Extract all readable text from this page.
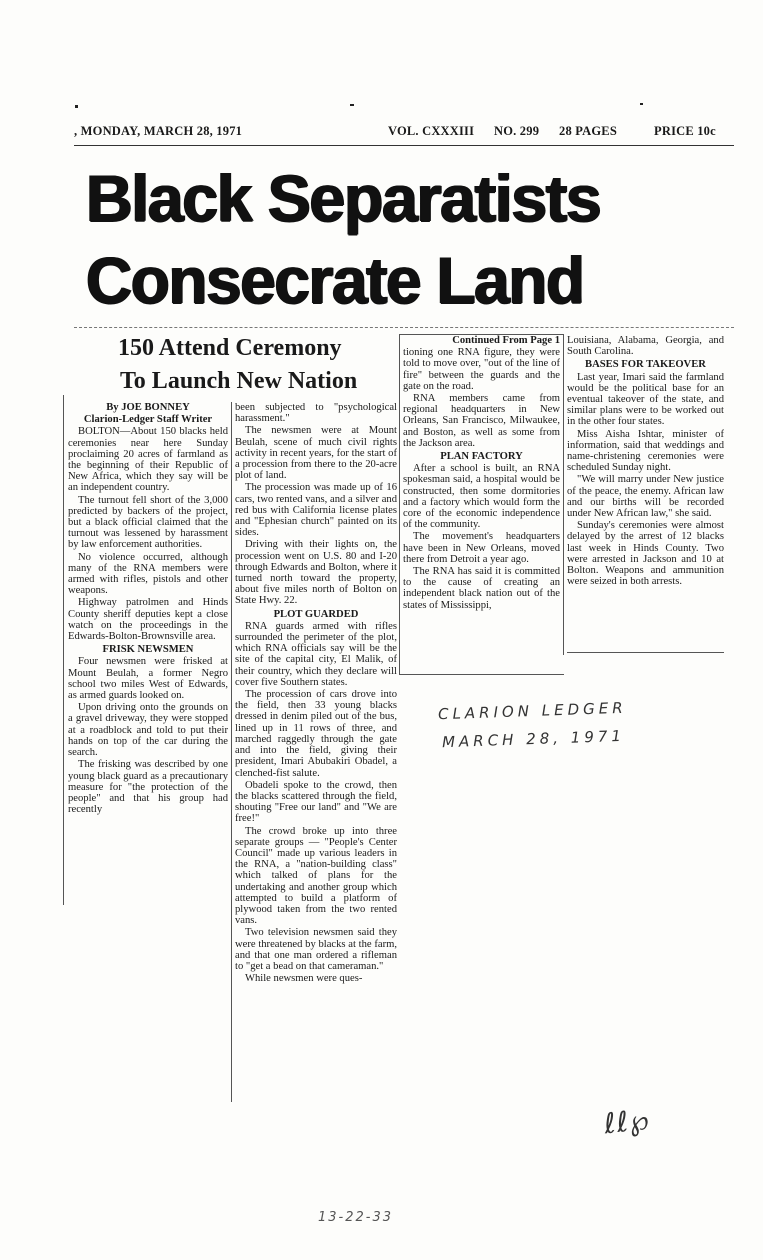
, MONDAY, MARCH 28, 1971	VOL. CXXXIII NO. 299 28 PAGES	PRICE 10c
Black Separatists
Consecrate Land
150 Attend Ceremony
To Launch New Nation

By JOE BONNEY

Clarion-Ledger Staff Writer

BOLTON—About 150 blacks held ceremonies near here Sunday proclaiming 20 acres of farmland as the beginning of their Republic of New Africa, which they say will be an independent country.

The turnout fell short of the 3,000 predicted by backers of the project, but a black official claimed that the turnout was lessened by harassment by law enforcement authorities.

No violence occurred, although many of the RNA members were armed with rifles, pistols and other weapons.

Highway patrolmen and Hinds County sheriff deputies kept a close watch on the proceedings in the Edwards-Bolton-Brownsville area.

FRISK NEWSMEN

Four newsmen were frisked at Mount Beulah, a former Negro school two miles West of Edwards, as armed guards looked on.

Upon driving onto the grounds on a gravel driveway, they were stopped at a roadblock and told to put their hands on top of the car during the search.

The frisking was described by one young black guard as a precautionary measure for "the protection of the people" and that his group had recently

been subjected to "psychological harassment."

The newsmen were at Mount Beulah, scene of much civil rights activity in recent years, for the start of a procession from there to the 20-acre plot of land.

The procession was made up of 16 cars, two rented vans, and a silver and red bus with California license plates and "Ephesian church" painted on its sides.

Driving with their lights on, the procession went on U.S. 80 and I-20 through Edwards and Bolton, where it turned north toward the property, about five miles north of Bolton on State Hwy. 22.

PLOT GUARDED

RNA guards armed with rifles surrounded the perimeter of the plot, which RNA officials say will be the site of the capital city, El Malik, of their country, which they declare will cover five Southern states.

The procession of cars drove into the field, then 33 young blacks dressed in denim piled out of the bus, lined up in 11 rows of three, and marched raggedly through the gate and into the field, giving their president, Imari Abubakiri Obadel, a clenched-fist salute.

Obadeli spoke to the crowd, then the blacks scattered through the field, shouting "Free our land" and "We are free!"

The crowd broke up into three separate groups — "People's Center Council" made up various leaders in the RNA, a "nation-building class" which talked of plans for the undertaking and another group which attempted to build a platform of plywood taken from the two rented vans.

Two television newsmen said they were threatened by blacks at the farm, and that one man ordered a rifleman to "get a bead on that cameraman."

While newsmen were ques-

Continued From Page 1

tioning one RNA figure, they were told to move over, "out of the line of fire" between the guards and the gate on the road.

RNA members came from regional headquarters in New Orleans, San Francisco, Milwaukee, and Boston, as well as some from the Jackson area.

PLAN FACTORY

After a school is built, an RNA spokesman said, a hospital would be constructed, then some dormitories and a factory which would form the core of the economic independence of the community.

The movement's headquarters have been in New Orleans, moved there from Detroit a year ago.

The RNA has said it is committed to the cause of creating an independent black nation out of the states of Mississippi,

Louisiana, Alabama, Georgia, and South Carolina.

BASES FOR TAKEOVER

Last year, Imari said the farmland would be the political base for an eventual takeover of the state, and similar plans were to be worked out in the other four states.

Miss Aisha Ishtar, minister of information, said that weddings and name-christening ceremonies were scheduled Sunday night.

"We will marry under New justice of the peace, the enemy. African law and our births will be recorded under New African law," she said.

Sunday's ceremonies were almost delayed by the arrest of 12 blacks last week in Hinds County. Two were arrested in Jackson and 10 at Bolton. Weapons and ammunition were seized in both arrests.

CLARION LEDGER
MARCH 28, 1971
ℓℓ℘
13-22-33
